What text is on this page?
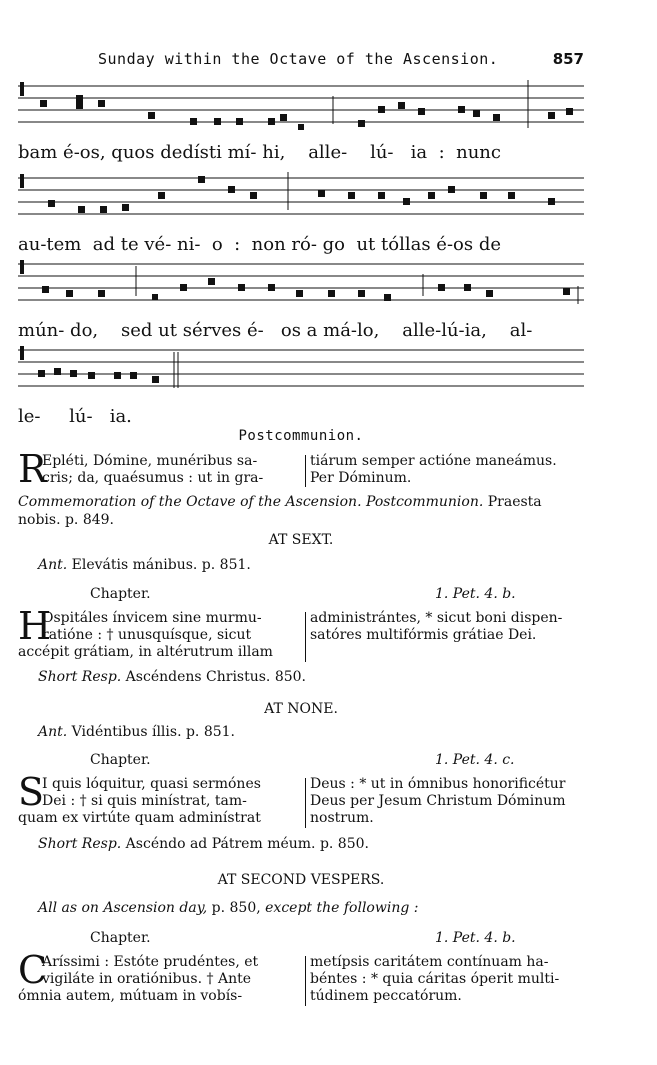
Sunday within the Octave of the Ascension.	857
bam é-os, quos dedísti mí- hi,    alle-    lú-   ia  :  nunc
au-tem  ad te vé- ni-  o  :  non ró- go  ut tóllas é-os de
mún- do,    sed ut sérves é-   os a má-lo,    alle-lú-ia,    al-
le-     lú-   ia.
Postcommunion.
R
Epléti, Dómine, munéribus sa-
cris; da, quaésumus : ut in gra-
tiárum semper actióne maneámus.
Per Dóminum.
Commemoration of the Octave of the Ascension. Postcommunion. Praesta
nobis. p. 849.
AT SEXT.
Ant. Elevátis mánibus. p. 851.
Chapter.	1. Pet. 4. b.
H
Ospitáles ínvicem sine murmu-
ratióne : † unusquísque, sicut
accépit grátiam, in altérutrum illam
administrántes, * sicut boni dispen-
satóres multifórmis grátiae Dei.
Short Resp. Ascéndens Christus. 850.
AT NONE.
Ant. Vidéntibus íllis. p. 851.
Chapter.	1. Pet. 4. c.
S
I quis lóquitur, quasi sermónes
Dei : † si quis minístrat, tam-
quam ex virtúte quam adminístrat
Deus : * ut in ómnibus honorificétur
Deus per Jesum Christum Dóminum
nostrum.
Short Resp. Ascéndo ad Pátrem méum. p. 850.
AT SECOND VESPERS.
All as on Ascension day, p. 850, except the following :
Chapter.	1. Pet. 4. b.
C
Aríssimi : Estóte prudéntes, et
vigiláte in oratiónibus. † Ante
ómnia autem, mútuam in vobís-
metípsis caritátem contínuam ha-
béntes : * quia cáritas óperit multi-
túdinem peccatórum.
